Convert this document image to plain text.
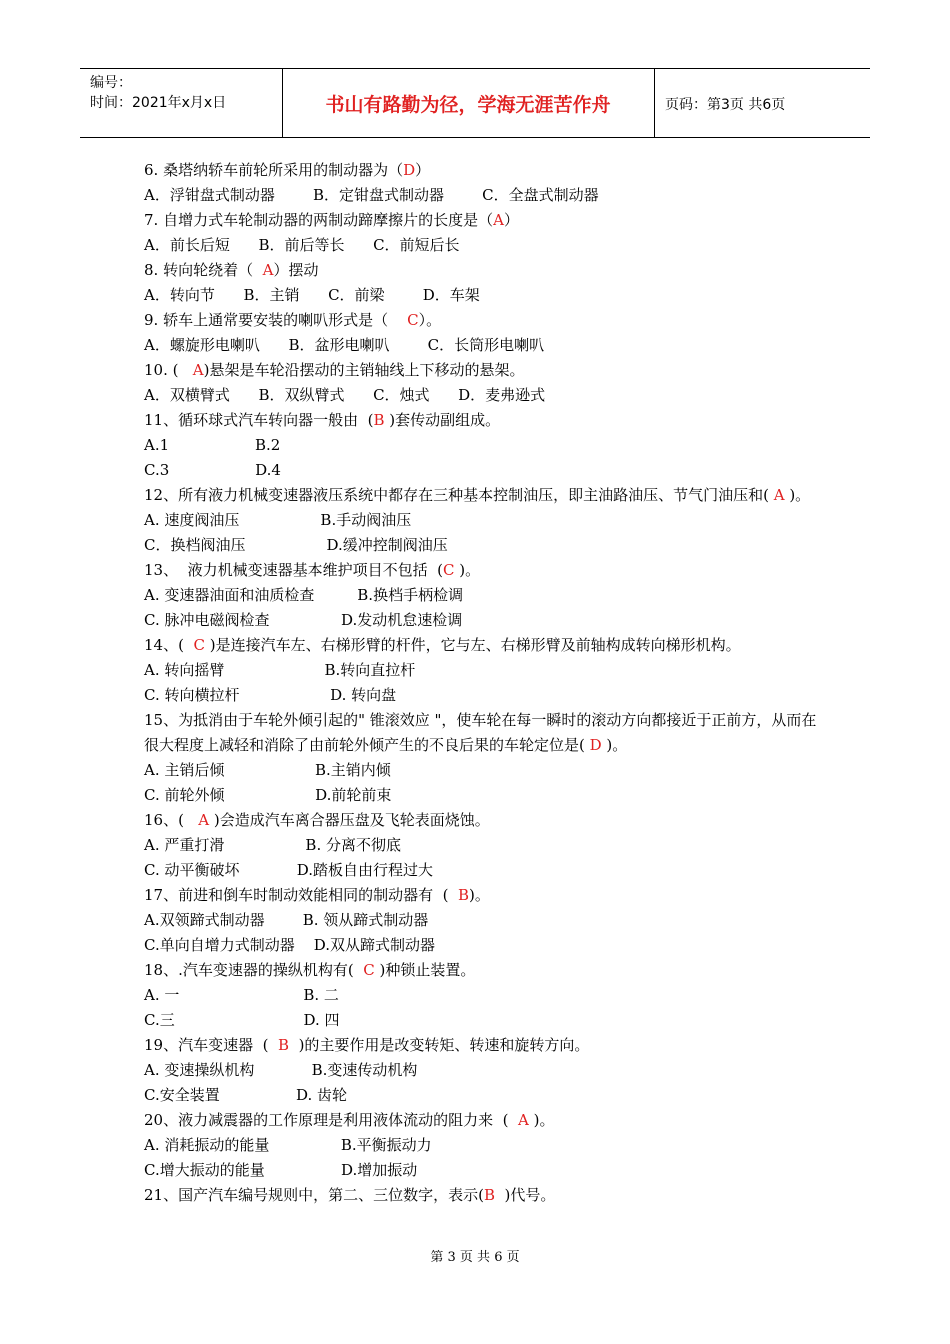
编号：
时间：2021年x月x日	书山有路勤为径，学海无涯苦作舟	页码：第3页 共6页
6. 桑塔纳轿车前轮所采用的制动器为（D）
A．浮钳盘式制动器        B．定钳盘式制动器        C．全盘式制动器
7. 自增力式车轮制动器的两制动蹄摩擦片的长度是（A）
A．前长后短      B．前后等长      C．前短后长
8. 转向轮绕着（  A）摆动
A．转向节      B．主销      C．前梁        D．车架
9. 轿车上通常要安装的喇叭形式是（    C）。
A．螺旋形电喇叭      B．盆形电喇叭        C．长筒形电喇叭
10. (   A)悬架是车轮沿摆动的主销轴线上下移动的悬架。
A．双横臂式      B．双纵臂式      C．烛式      D．麦弗逊式
11、循环球式汽车转向器一般由  (B )套传动副组成。
A.1                  B.2
C.3                  D.4
12、所有液力机械变速器液压系统中都存在三种基本控制油压，即主油路油压、节气门油压和( A )。
A. 速度阀油压                 B.手动阀油压
C．换档阀油压                 D.缓冲控制阀油压
13、  液力机械变速器基本维护项目不包括  (C )。
A. 变速器油面和油质检查         B.换档手柄检调
C. 脉冲电磁阀检查               D.发动机怠速检调
14、(  C )是连接汽车左、右梯形臂的杆件，它与左、右梯形臂及前轴构成转向梯形机构。
A. 转向摇臂                     B.转向直拉杆
C. 转向横拉杆                   D. 转向盘
15、为抵消由于车轮外倾引起的" 锥滚效应 "，使车轮在每一瞬时的滚动方向都接近于正前方，从而在很大程度上减轻和消除了由前轮外倾产生的不良后果的车轮定位是( D )。
A. 主销后倾                   B.主销内倾
C. 前轮外倾                   D.前轮前束
16、(   A )会造成汽车离合器压盘及飞轮表面烧蚀。
A. 严重打滑                 B. 分离不彻底
C. 动平衡破坏            D.踏板自由行程过大
17、前进和倒车时制动效能相同的制动器有  (  B)。
A.双领蹄式制动器        B. 领从蹄式制动器
C.单向自增力式制动器    D.双从蹄式制动器
18、.汽车变速器的操纵机构有(  C )种锁止装置。
A. 一                          B. 二
C.三                           D. 四
19、汽车变速器  (  B  )的主要作用是改变转矩、转速和旋转方向。
A. 变速操纵机构            B.变速传动机构
C.安全装置                D. 齿轮
20、液力减震器的工作原理是利用液体流动的阻力来  (  A )。
A. 消耗振动的能量               B.平衡振动力
C.增大振动的能量                D.增加振动
21、国产汽车编号规则中，第二、三位数字，表示(B  )代号。
第 3 页 共 6 页
